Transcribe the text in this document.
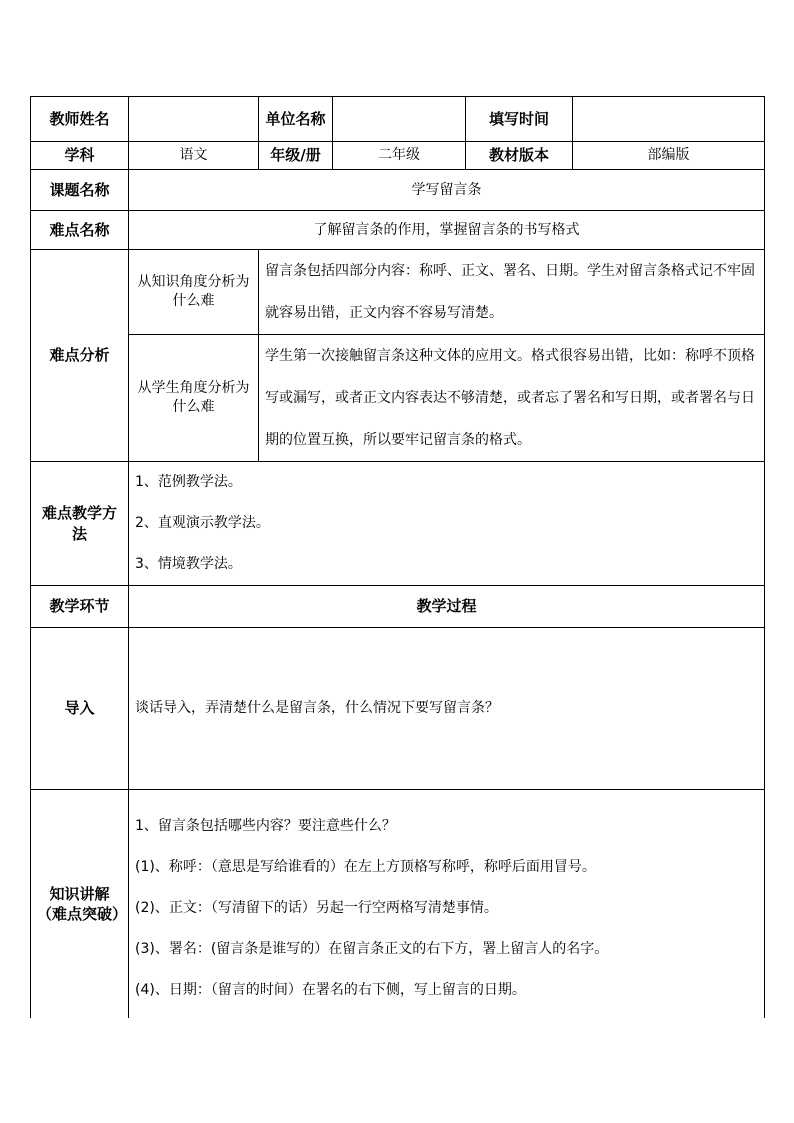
教师姓名		单位名称		填写时间	
学科	语文	年级/册	二年级	教材版本	部编版
课题名称	学写留言条				
难点名称	了解留言条的作用，掌握留言条的书写格式				
难点分析	从知识角度分析为什么难	留言条包括四部分内容：称呼、正文、署名、日期。学生对留言条格式记不牢固就容易出错，正文内容不容易写清楚。			

	从学生角度分析为什么难	学生第一次接触留言条这种文体的应用文。格式很容易出错，比如：称呼不顶格写或漏写，或者正文内容表达不够清楚，或者忘了署名和写日期，或者署名与日期的位置互换，所以要牢记留言条的格式。			

难点教学方法	1、范例教学法。
2、直观演示教学法。
3、情境教学法。				

教学环节	教学过程				
导入	谈话导入，弄清楚什么是留言条，什么情况下要写留言条？				
知识讲解（难点突破）	1、留言条包括哪些内容？要注意些什么？
(1)、称呼：（意思是写给谁看的）在左上方顶格写称呼，称呼后面用冒号。
(2)、正文：（写清留下的话）另起一行空两格写清楚事情。
(3)、署名：(留言条是谁写的）在留言条正文的右下方，署上留言人的名字。
(4)、日期：（留言的时间）在署名的右下侧，写上留言的日期。				
